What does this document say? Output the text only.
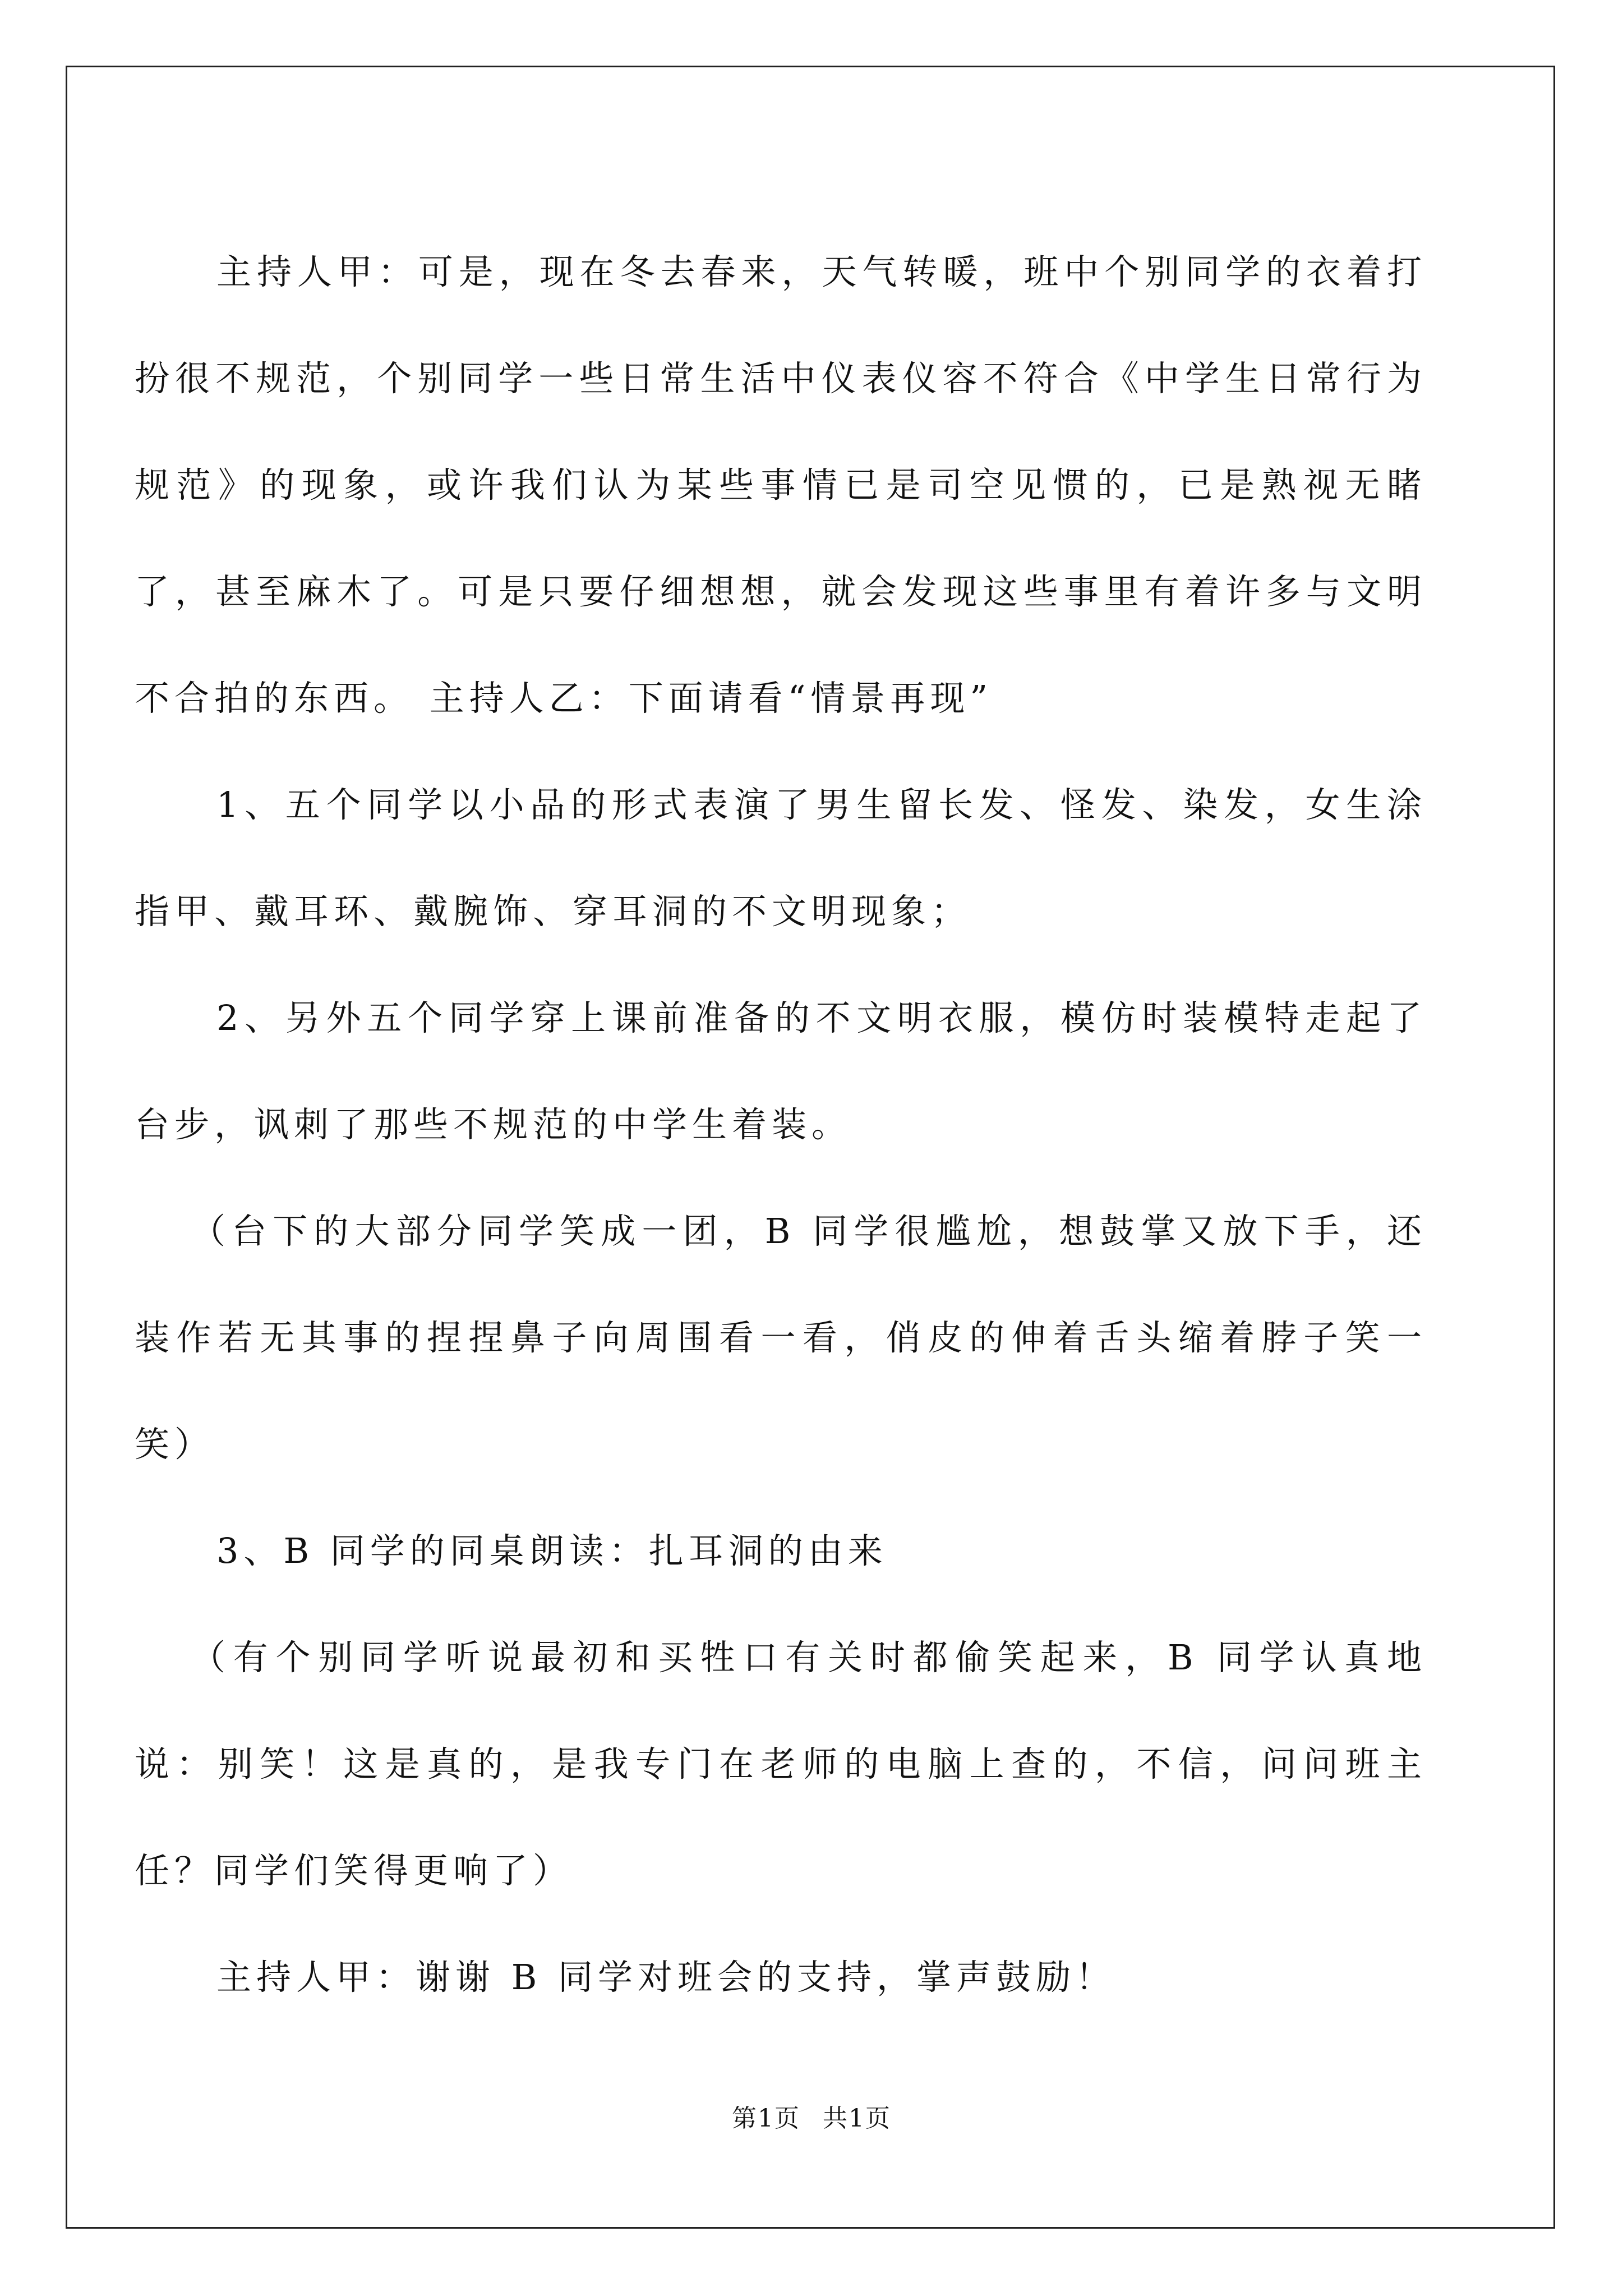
主持人甲：可是，现在冬去春来，天气转暖，班中个别同学的衣着打扮很不规范，个别同学一些日常生活中仪表仪容不符合《中学生日常行为规范》的现象，或许我们认为某些事情已是司空见惯的，已是熟视无睹了，甚至麻木了。可是只要仔细想想，就会发现这些事里有着许多与文明不合拍的东西。 主持人乙：下面请看“情景再现”

1、五个同学以小品的形式表演了男生留长发、怪发、染发，女生涂指甲、戴耳环、戴腕饰、穿耳洞的不文明现象；

2、另外五个同学穿上课前准备的不文明衣服，模仿时装模特走起了台步，讽刺了那些不规范的中学生着装。

（台下的大部分同学笑成一团，B 同学很尴尬，想鼓掌又放下手，还装作若无其事的捏捏鼻子向周围看一看，俏皮的伸着舌头缩着脖子笑一笑）

3、B 同学的同桌朗读：扎耳洞的由来

（有个别同学听说最初和买牲口有关时都偷笑起来，B 同学认真地说：别笑！这是真的，是我专门在老师的电脑上查的，不信，问问班主任？同学们笑得更响了）

主持人甲：谢谢 B 同学对班会的支持，掌声鼓励！

第1页 共1页
